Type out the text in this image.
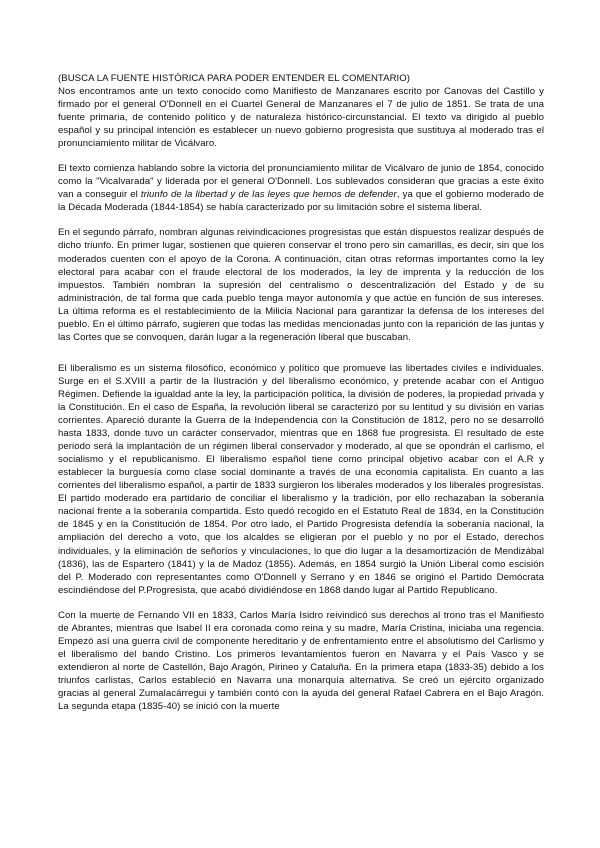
(BUSCA LA FUENTE HISTÓRICA PARA PODER ENTENDER EL COMENTARIO)

Nos encontramos ante un texto conocido como Manifiesto de Manzanares escrito por Canovas del Castillo y firmado por el general O'Donnell en el Cuartel General de Manzanares el 7 de julio de 1851. Se trata de una fuente primaria, de contenido político y de naturaleza histórico-circunstancial. El texto va dirigido al pueblo español y su principal intención es establecer un nuevo gobierno progresista que sustituya al moderado tras el pronunciamiento militar de Vicálvaro.

El texto comienza hablando sobre la victoria del pronunciamiento militar de Vicálvaro de junio de 1854, conocido como la "Vicalvarada" y liderada por el general O'Donnell. Los sublevados consideran que gracias a este éxito van a conseguir el triunfo de la libertad y de las leyes que hemos de defender, ya que el gobierno moderado de la Década Moderada (1844-1854) se había caracterizado por su limitación sobre el sistema liberal.

En el segundo párrafo, nombran algunas reivindicaciones progresistas que están dispuestos realizar después de dicho triunfo. En primer lugar, sostienen que quieren conservar el trono pero sin camarillas, es decir, sin que los moderados cuenten con el apoyo de la Corona. A continuación, citan otras reformas importantes como la ley electoral para acabar con el fraude electoral de los moderados, la ley de imprenta y la reducción de los impuestos. También nombran la supresión del centralismo o descentralización del Estado y de su administración, de tal forma que cada pueblo tenga mayor autonomía y que actúe en función de sus intereses. La última reforma es el restablecimiento de la Milicia Nacional para garantizar la defensa de los intereses del pueblo. En el último párrafo, sugieren que todas las medidas mencionadas junto con la reparición de las juntas y las Cortes que se convoquen, darán lugar a la regeneración liberal que buscaban.

El liberalismo es un sistema filosófico, económico y político que promueve las libertades civiles e individuales. Surge en el S.XVIII a partir de la Ilustración y del liberalismo económico, y pretende acabar con el Antiguo Régimen. Defiende la igualdad ante la ley, la participación política, la división de poderes, la propiedad privada y la Constitución. En el caso de España, la revolución liberal se caracterizó por su lentitud y su división en varias corrientes. Apareció durante la Guerra de la Independencia con la Constitución de 1812, pero no se desarrolló hasta 1833, donde tuvo un carácter conservador, mientras que en 1868 fue progresista. El resultado de este periodo será la implantación de un régimen liberal conservador y moderado, al que se opondrán el carlismo, el socialismo y el republicanismo. El liberalismo español tiene como principal objetivo acabar con el A.R y establecer la burguesía como clase social dominante a través de una economía capitalista. En cuanto a las corrientes del liberalismo español, a partir de 1833 surgieron los liberales moderados y los liberales progresistas. El partido moderado era partidario de conciliar el liberalismo y la tradición, por ello rechazaban la soberanía nacional frente a la soberanía compartida. Esto quedó recogido en el Estatuto Real de 1834, en la Constitución de 1845 y en la Constitución de 1854. Por otro lado, el Partido Progresista defendía la soberanía nacional, la ampliación del derecho a voto, que los alcaldes se eligieran por el pueblo y no por el Estado, derechos individuales, y la eliminación de señoríos y vinculaciones, lo que dio lugar a la desamortización de Mendizábal (1836), las de Espartero (1841) y la de Madoz (1855). Además, en 1854 surgió la Unión Liberal como escisión del P. Moderado con representantes como O'Donnell y Serrano y en 1846 se originó el Partido Demócrata escindiéndose del P.Progresista, que acabó dividiéndose en 1868 dando lugar al Partido Republicano.

Con la muerte de Fernando VII en 1833, Carlos María Isidro reivindicó sus derechos al trono tras el Manifiesto de Abrantes, mientras que Isabel II era coronada como reina y su madre, María Cristina, iniciaba una regencia. Empezó así una guerra civil de componente hereditario y de enfrentamiento entre el absolutismo del Carlismo y el liberalismo del bando Cristino. Los primeros levantamientos fueron en Navarra y el País Vasco y se extendieron al norte de Castellón, Bajo Aragón, Pirineo y Cataluña. En la primera etapa (1833-35) debido a los triunfos carlistas, Carlos estableció en Navarra una monarquía alternativa. Se creó un ejército organizado gracias al general Zumalacárregui y también contó con la ayuda del general Rafael Cabrera en el Bajo Aragón. La segunda etapa (1835-40) se inició con la muerte
